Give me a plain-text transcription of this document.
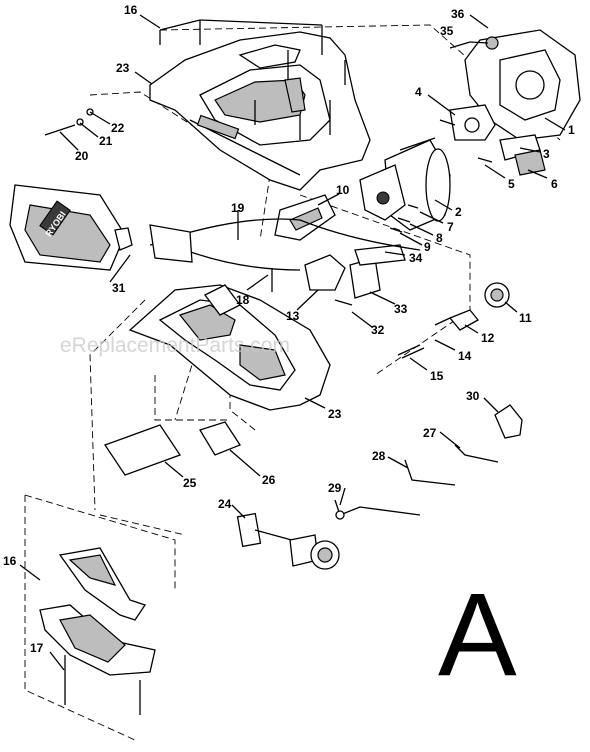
RYOBI
16
23
36
35
1
4
3
5	6
2
7
8
9
10
19
31
18
13	33
32
34
11
12
14
15
23
30
27
28
29
24
25	26
16
17
22
21
20
eReplacementParts.com
A
